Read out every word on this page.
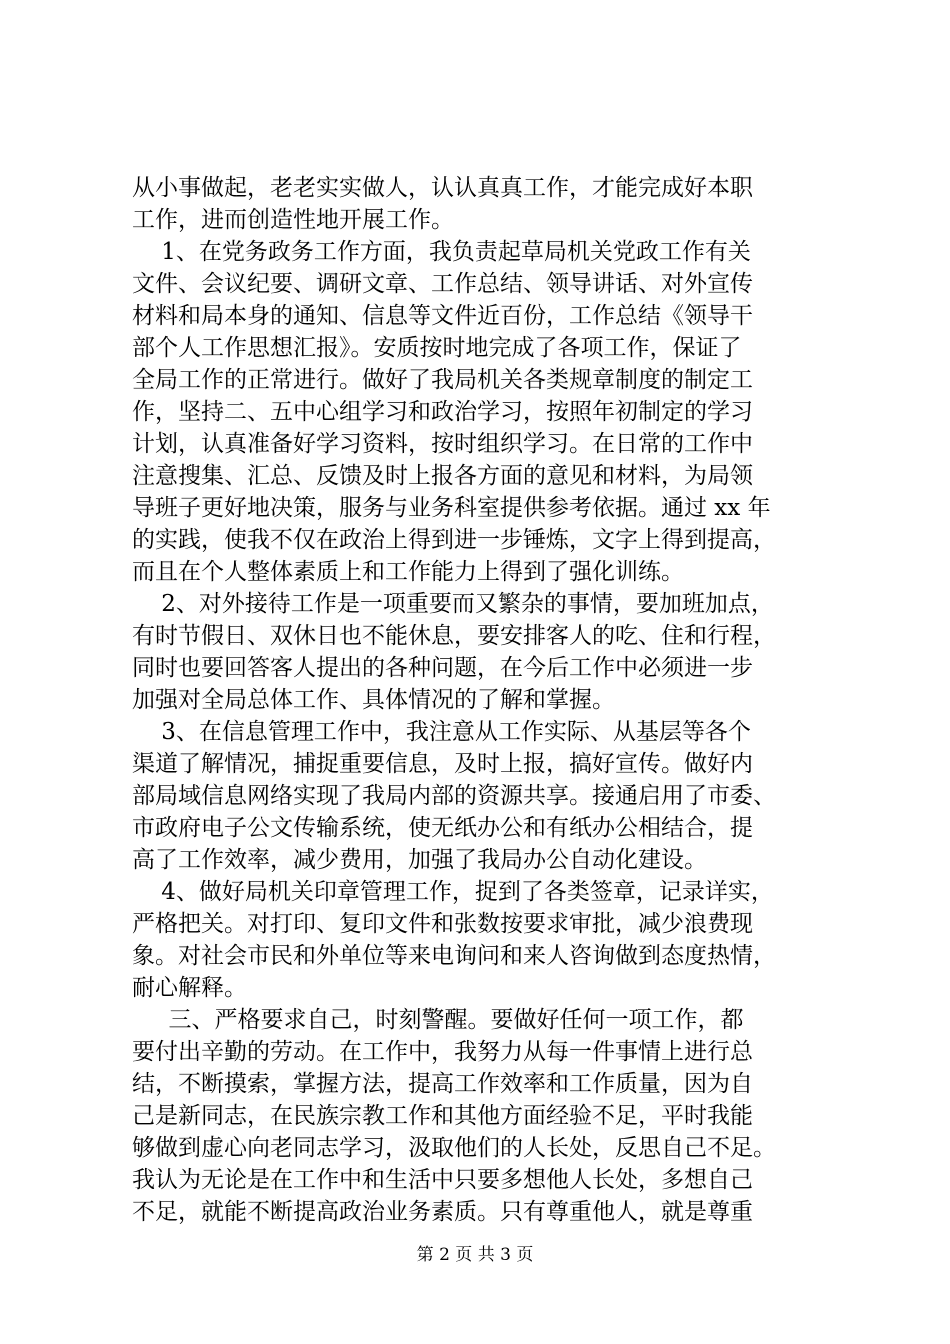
从小事做起，老老实实做人，认认真真工作，才能完成好本职
工作，进而创造性地开展工作。
1、在党务政务工作方面，我负责起草局机关党政工作有关
文件、会议纪要、调研文章、工作总结、领导讲话、对外宣传
材料和局本身的通知、信息等文件近百份，工作总结《领导干
部个人工作思想汇报》。安质按时地完成了各项工作，保证了
全局工作的正常进行。做好了我局机关各类规章制度的制定工
作，坚持二、五中心组学习和政治学习，按照年初制定的学习
计划，认真准备好学习资料，按时组织学习。在日常的工作中
注意搜集、汇总、反馈及时上报各方面的意见和材料，为局领
导班子更好地决策，服务与业务科室提供参考依据。通过 xx 年
的实践，使我不仅在政治上得到进一步锤炼，文字上得到提高，
而且在个人整体素质上和工作能力上得到了强化训练。
2、对外接待工作是一项重要而又繁杂的事情，要加班加点，
有时节假日、双休日也不能休息，要安排客人的吃、住和行程，
同时也要回答客人提出的各种问题，在今后工作中必须进一步
加强对全局总体工作、具体情况的了解和掌握。
3、在信息管理工作中，我注意从工作实际、从基层等各个
渠道了解情况，捕捉重要信息，及时上报，搞好宣传。做好内
部局域信息网络实现了我局内部的资源共享。接通启用了市委、
市政府电子公文传输系统，使无纸办公和有纸办公相结合，提
高了工作效率，减少费用，加强了我局办公自动化建设。
4、做好局机关印章管理工作，捉到了各类签章，记录详实，
严格把关。对打印、复印文件和张数按要求审批，减少浪费现
象。对社会市民和外单位等来电询问和来人咨询做到态度热情，
耐心解释。
三、严格要求自己，时刻警醒。要做好任何一项工作，都
要付出辛勤的劳动。在工作中，我努力从每一件事情上进行总
结，不断摸索，掌握方法，提高工作效率和工作质量，因为自
己是新同志，在民族宗教工作和其他方面经验不足，平时我能
够做到虚心向老同志学习，汲取他们的人长处，反思自己不足。
我认为无论是在工作中和生活中只要多想他人长处，多想自己
不足，就能不断提高政治业务素质。只有尊重他人，就是尊重
第 2 页 共 3 页
